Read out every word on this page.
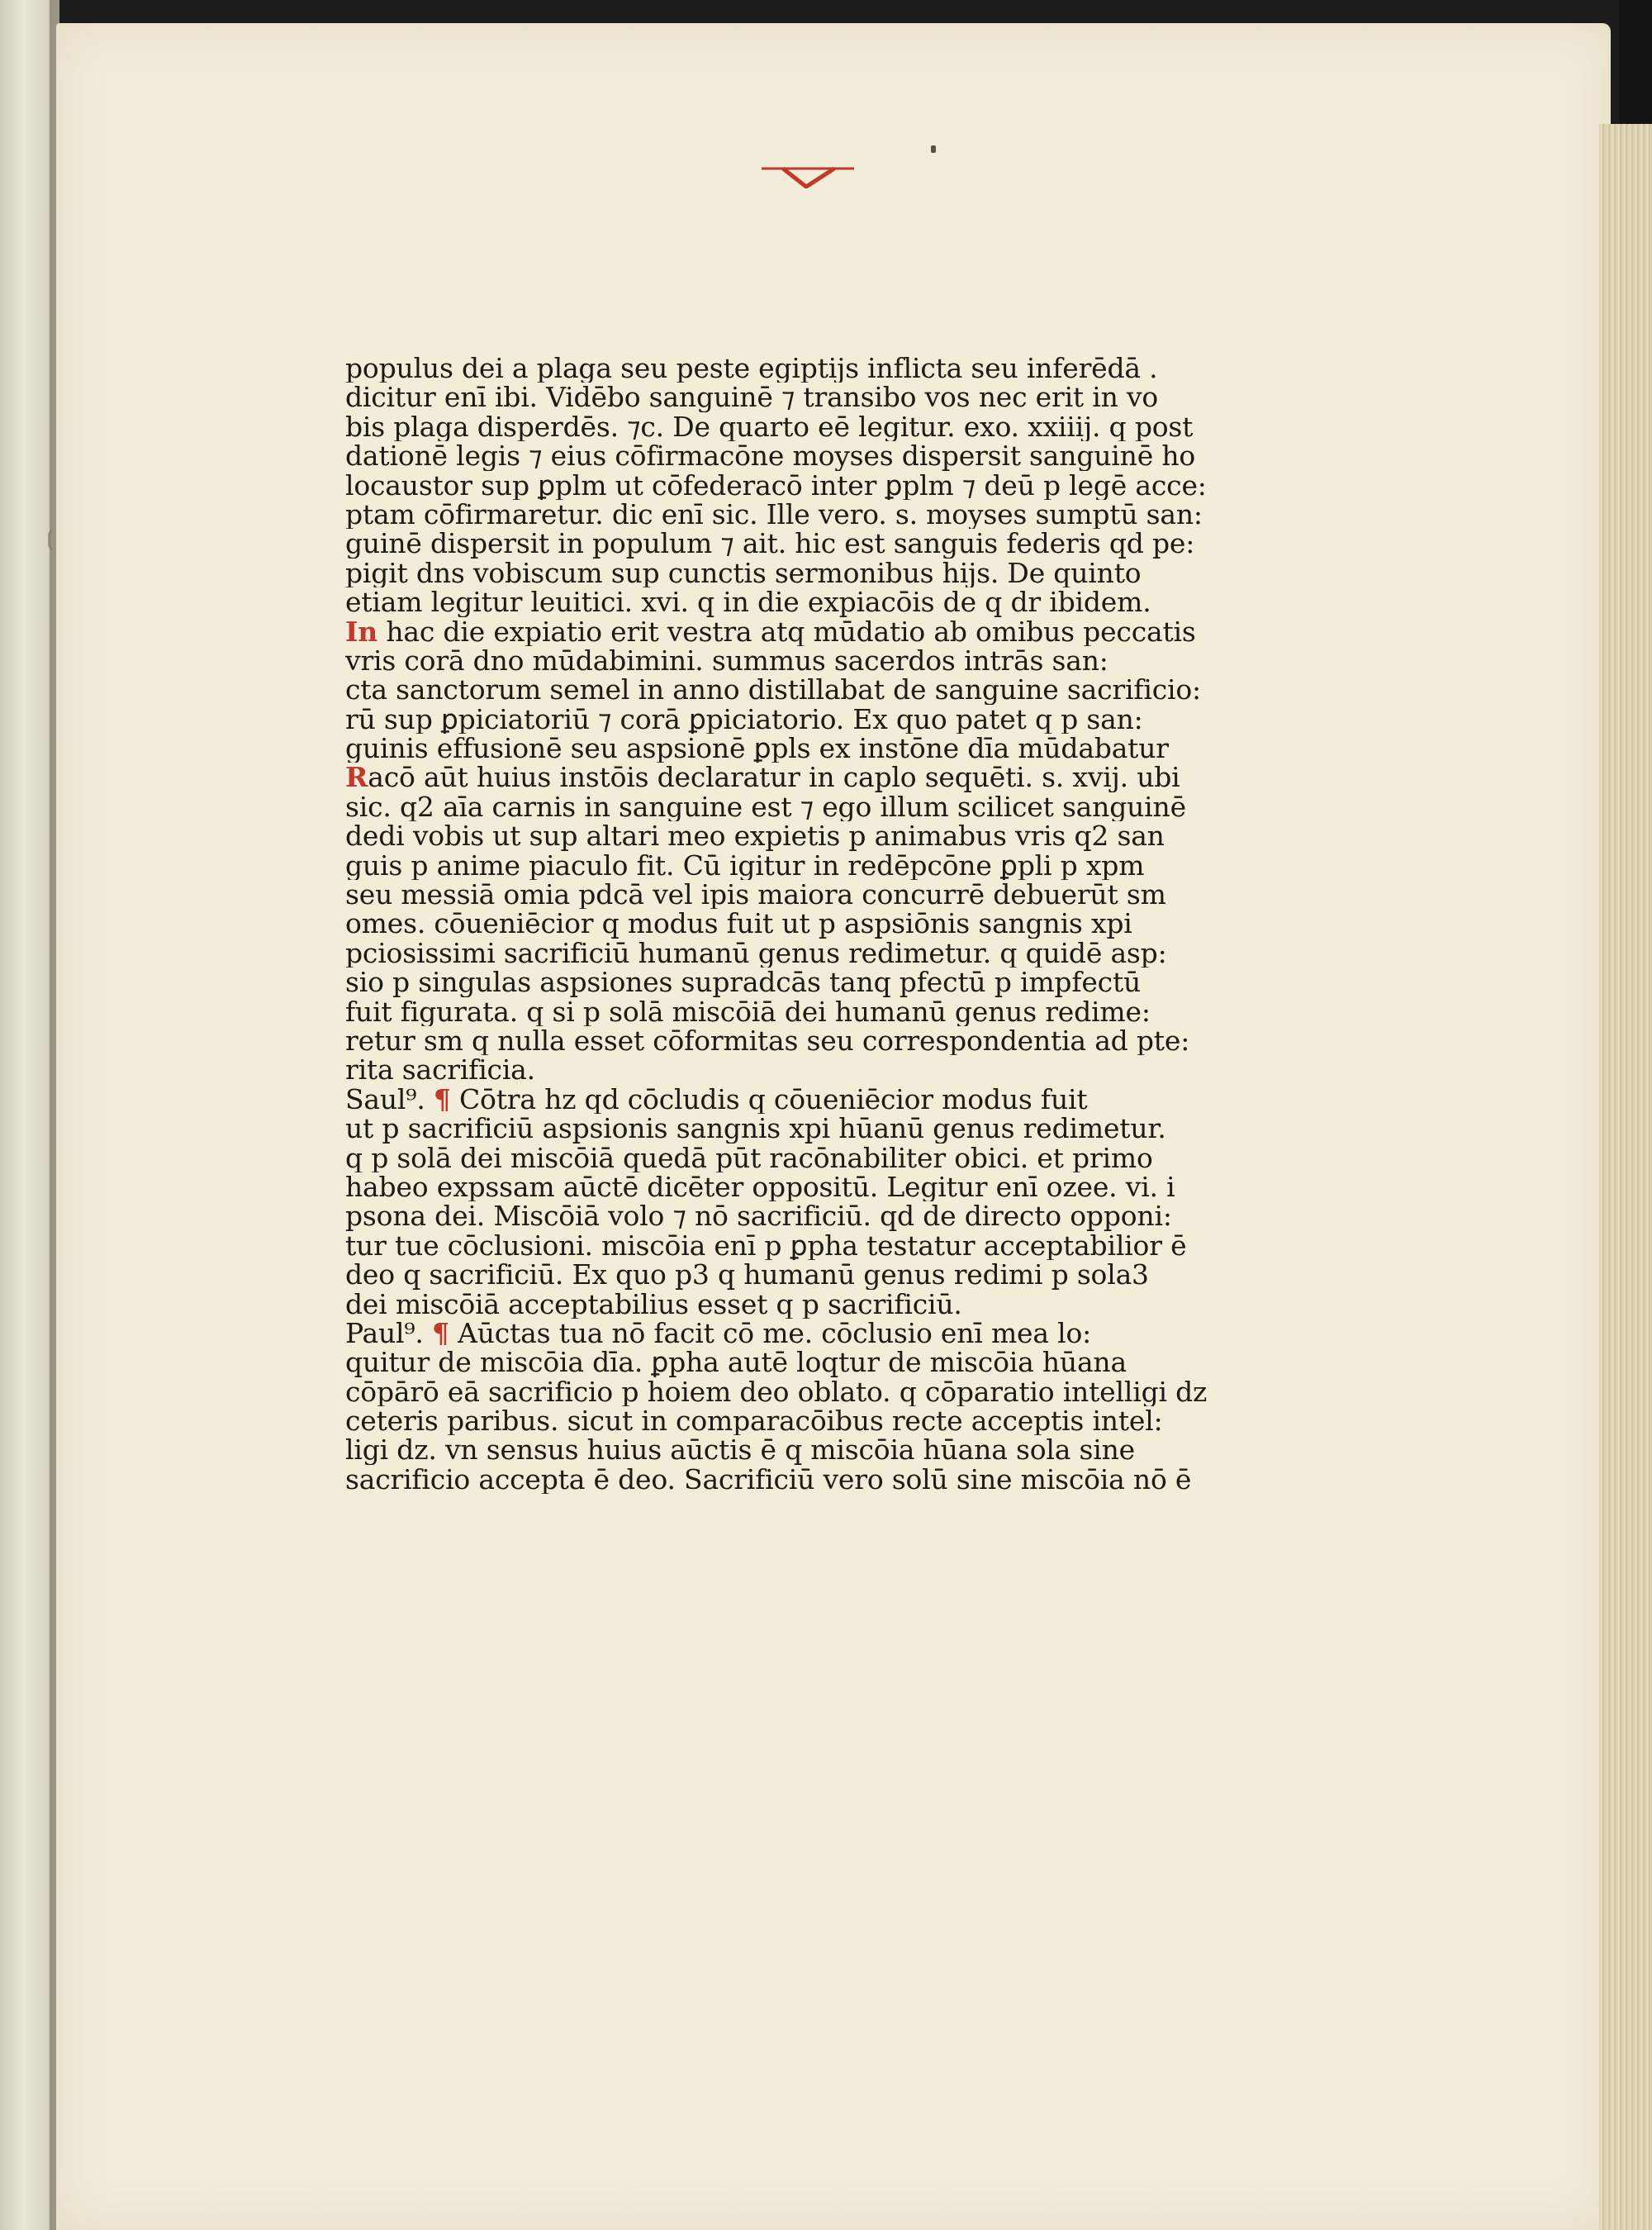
populus dei a plaga seu peste egiptijs inflicta seu inferēdā .
dicitur enī ibi. Vidēbo sanguinē ⁊ transibo vos nec erit in vo
bis plaga disperdēs. ⁊c. De quarto eē legitur. exo. xxiiij. q post
dationē legis ⁊ eius cōfirmacōne moyses dispersit sanguinē ho
locaustor sup ꝑplm ut cōfederacō inter ꝑplm ⁊ deū p legē acce:
ptam cōfirmaretur. dic enī sic. Ille vero. s. moyses sumptū san:
guinē dispersit in populum ⁊ ait. hic est sanguis federis qd pe:
pigit dns vobiscum sup cunctis sermonibus hijs. De quinto
etiam legitur leuitici. xvi. q in die expiacōis de q dr ibidem.
In hac die expiatio erit vestra atq mūdatio ab omibus peccatis
vris corā dno mūdabimini. summus sacerdos intrās san:
cta sanctorum semel in anno distillabat de sanguine sacrificio:
rū sup ꝑpiciatoriū ⁊ corā ꝑpiciatorio. Ex quo patet q p san:
guinis effusionē seu aspsionē ꝑpls ex instōne dīa mūdabatur
Racō aūt huius instōis declaratur in caplo sequēti. s. xvij. ubi
sic. q2 aīa carnis in sanguine est ⁊ ego illum scilicet sanguinē
dedi vobis ut sup altari meo expietis p animabus vris q2 san
guis p anime piaculo fit. Cū igitur in redēpcōne ꝑpli p xpm
seu messiā omia pdcā vel ipis maiora concurrē debuerūt sm
omes. cōueniēcior q modus fuit ut p aspsiōnis sangnis xpi
pciosissimi sacrificiū humanū genus redimetur. q quidē asp:
sio p singulas aspsiones supradcās tanq pfectū p impfectū
fuit figurata. q si p solā miscōiā dei humanū genus redime:
retur sm q nulla esset cōformitas seu correspondentia ad pte:
rita sacrificia.
Saul⁹. ¶ Cōtra hz qd cōcludis q cōueniēcior modus fuit
ut p sacrificiū aspsionis sangnis xpi hūanū genus redimetur.
q p solā dei miscōiā quedā pūt racōnabiliter obici. et primo
habeo expssam aūctē dicēter oppositū. Legitur enī ozee. vi. i
psona dei. Miscōiā volo ⁊ nō sacrificiū. qd de directo opponi:
tur tue cōclusioni. miscōia enī p ꝑpha testatur acceptabilior ē
deo q sacrificiū. Ex quo p3 q humanū genus redimi p sola3
dei miscōiā acceptabilius esset q p sacrificiū.
Paul⁹. ¶ Aūctas tua nō facit cō me. cōclusio enī mea lo:
quitur de miscōia dīa. ꝑpha autē loqtur de miscōia hūana
cōpārō eā sacrificio p hoiem deo oblato. q cōparatio intelligi dz
ceteris paribus. sicut in comparacōibus recte acceptis intel:
ligi dz. vn sensus huius aūctis ē q miscōia hūana sola sine
sacrificio accepta ē deo. Sacrificiū vero solū sine miscōia nō ē
